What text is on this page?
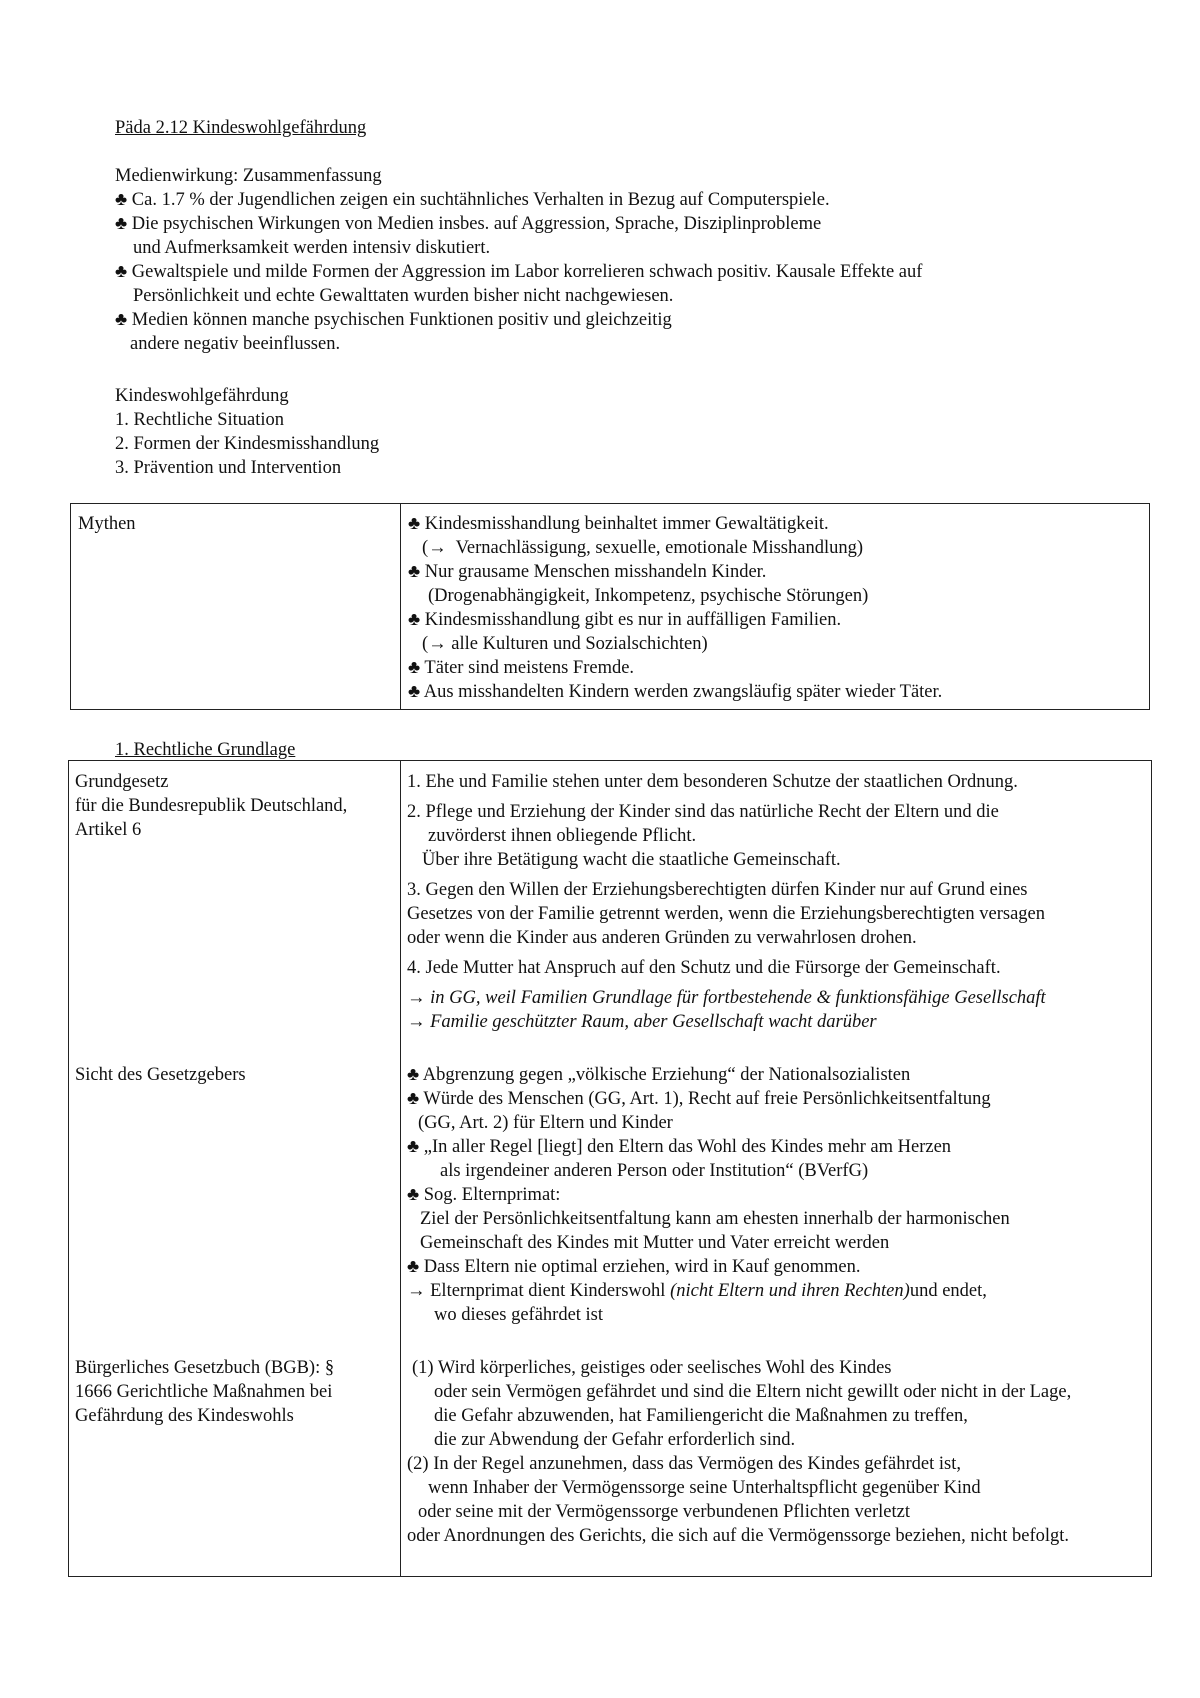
Päda 2.12 Kindeswohlgefährdung
Medienwirkung: Zusammenfassung
♣ Ca. 1.7 % der Jugendlichen zeigen ein suchtähnliches Verhalten in Bezug auf Computerspiele.
♣ Die psychischen Wirkungen von Medien insbes. auf Aggression, Sprache, Disziplinprobleme
und Aufmerksamkeit werden intensiv diskutiert.
♣ Gewaltspiele und milde Formen der Aggression im Labor korrelieren schwach positiv. Kausale Effekte auf
Persönlichkeit und echte Gewalttaten wurden bisher nicht nachgewiesen.
♣ Medien können manche psychischen Funktionen positiv und gleichzeitig
andere negativ beeinflussen.
Kindeswohlgefährdung
1. Rechtliche Situation
2. Formen der Kindesmisshandlung
3. Prävention und Intervention
Mythen	♣ Kindesmisshandlung beinhaltet immer Gewaltätigkeit.
(→  Vernachlässigung, sexuelle, emotionale Misshandlung)
♣ Nur grausame Menschen misshandeln Kinder.
(Drogenabhängigkeit, Inkompetenz, psychische Störungen)
♣ Kindesmisshandlung gibt es nur in auffälligen Familien.
(→ alle Kulturen und Sozialschichten)
♣ Täter sind meistens Fremde.
♣ Aus misshandelten Kindern werden zwangsläufig später wieder Täter.
1. Rechtliche Grundlage
Grundgesetz
für die Bundesrepublik Deutschland,
Artikel 6
1. Ehe und Familie stehen unter dem besonderen Schutze der staatlichen Ordnung.
2. Pflege und Erziehung der Kinder sind das natürliche Recht der Eltern und die
zuvörderst ihnen obliegende Pflicht.
Über ihre Betätigung wacht die staatliche Gemeinschaft.
3. Gegen den Willen der Erziehungsberechtigten dürfen Kinder nur auf Grund eines
Gesetzes von der Familie getrennt werden, wenn die Erziehungsberechtigten versagen
oder wenn die Kinder aus anderen Gründen zu verwahrlosen drohen.
4. Jede Mutter hat Anspruch auf den Schutz und die Fürsorge der Gemeinschaft.
→ in GG, weil Familien Grundlage für fortbestehende & funktionsfähige Gesellschaft
→ Familie geschützter Raum, aber Gesellschaft wacht darüber
Sicht des Gesetzgebers	♣ Abgrenzung gegen „völkische Erziehung“ der Nationalsozialisten
♣ Würde des Menschen (GG, Art. 1), Recht auf freie Persönlichkeitsentfaltung
(GG, Art. 2) für Eltern und Kinder
♣ „In aller Regel [liegt] den Eltern das Wohl des Kindes mehr am Herzen
als irgendeiner anderen Person oder Institution“ (BVerfG)
♣ Sog. Elternprimat:
Ziel der Persönlichkeitsentfaltung kann am ehesten innerhalb der harmonischen
Gemeinschaft des Kindes mit Mutter und Vater erreicht werden
♣ Dass Eltern nie optimal erziehen, wird in Kauf genommen.
→ Elternprimat dient Kinderswohl (nicht Eltern und ihren Rechten)und endet,
wo dieses gefährdet ist
Bürgerliches Gesetzbuch (BGB): §
1666 Gerichtliche Maßnahmen bei
Gefährdung des Kindeswohls
(1) Wird körperliches, geistiges oder seelisches Wohl des Kindes
oder sein Vermögen gefährdet und sind die Eltern nicht gewillt oder nicht in der Lage,
die Gefahr abzuwenden, hat Familiengericht die Maßnahmen zu treffen,
die zur Abwendung der Gefahr erforderlich sind.
(2) In der Regel anzunehmen, dass das Vermögen des Kindes gefährdet ist,
wenn Inhaber der Vermögenssorge seine Unterhaltspflicht gegenüber Kind
oder seine mit der Vermögenssorge verbundenen Pflichten verletzt
oder Anordnungen des Gerichts, die sich auf die Vermögenssorge beziehen, nicht befolgt.
